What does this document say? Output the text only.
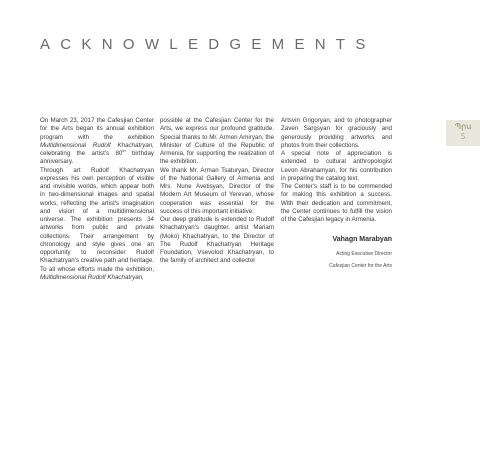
ACKNOWLEDGEMENTS

On March 23, 2017 the Cafesjian Center for the Arts began its annual exhibition program with the exhibition Multidimensional Rudolf Khachatryan, celebrating the artist's 80th birthday anniversary.

Through art Rudolf Khachatryan expresses his own perception of visible and invisible worlds, which appear both in two-dimensional images and spatial works, reflecting the artist's imagination and vision of a multidimensional universe. The exhibition presents 34 artworks from public and private collections. Their arrangement by chronology and style gives one an opportunity to reconsider Rudolf Khachatryan's creative path and heritage. To all whose efforts made the exhibition, Multidimensional Rudolf Khachatryan,

possible at the Cafesjian Center for the Arts, we express our profound gratitude. Special thanks to Mr. Armen Amiryan, the Minister of Culture of the Republic of Armenia, for supporting the realization of the exhibition.

We thank Mr. Arman Tsaturyan, Director of the National Gallery of Armenia and Mrs. Nune Avetisyan, Director of the Modern Art Museum of Yerevan, whose cooperation was essential for the success of this important initiative.

Our deep gratitude is extended to Rudolf Khachatryan's daughter, artist Mariam (Moko) Khachatryan, to the Director of The Rudolf Khachatryan Heritage Foundation, Vsevolod Khachatryan, to the family of architect and collector

Artsvin Grigoryan, and to photographer Zaven Sargsyan for graciously and generously providing artworks and photos from their collections.

A special note of appreciation is extended to cultural anthropologist Levon Abrahamyan, for his contribution in preparing the catalog text.

The Center's staff is to be commended for making this exhibition a success. With their dedication and commitment, the Center continues to fulfill the vision of the Cafesjian legacy in Armenia.

Vahagn Marabyan
Acting Executive Director
Cafesjian Center for the Arts
Պրս
5
